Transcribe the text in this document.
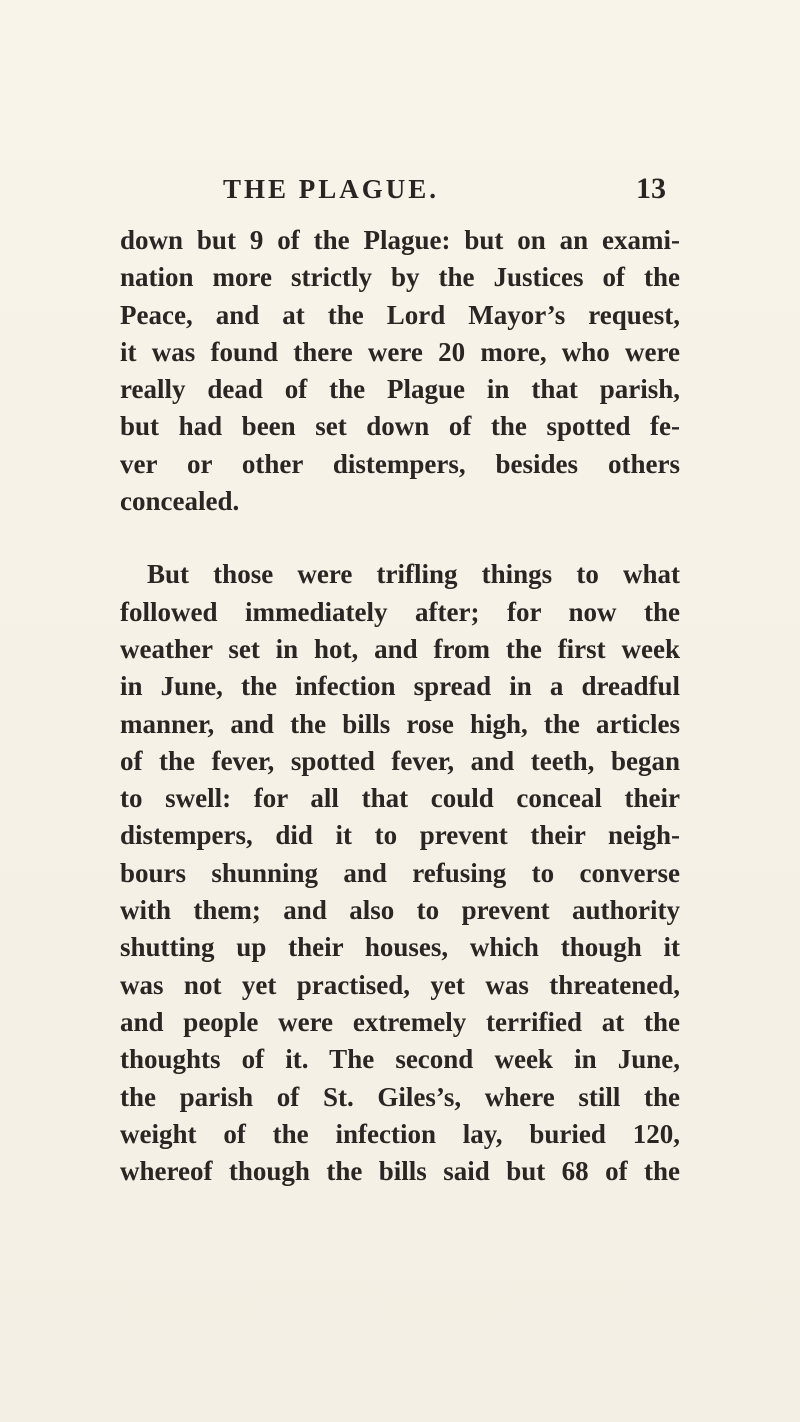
THE PLAGUE.	13
down but 9 of the Plague: but on an exami-
nation more strictly by the Justices of the
Peace, and at the Lord Mayor’s request,
it was found there were 20 more, who were
really dead of the Plague in that parish,
but had been set down of the spotted fe-
ver or other distempers, besides others
concealed.
But those were trifling things to what
followed immediately after; for now the
weather set in hot, and from the first week
in June, the infection spread in a dreadful
manner, and the bills rose high, the articles
of the fever, spotted fever, and teeth, began
to swell: for all that could conceal their
distempers, did it to prevent their neigh-
bours shunning and refusing to converse
with them; and also to prevent authority
shutting up their houses, which though it
was not yet practised, yet was threatened,
and people were extremely terrified at the
thoughts of it. The second week in June,
the parish of St. Giles’s, where still the
weight of the infection lay, buried 120,
whereof though the bills said but 68 of the
